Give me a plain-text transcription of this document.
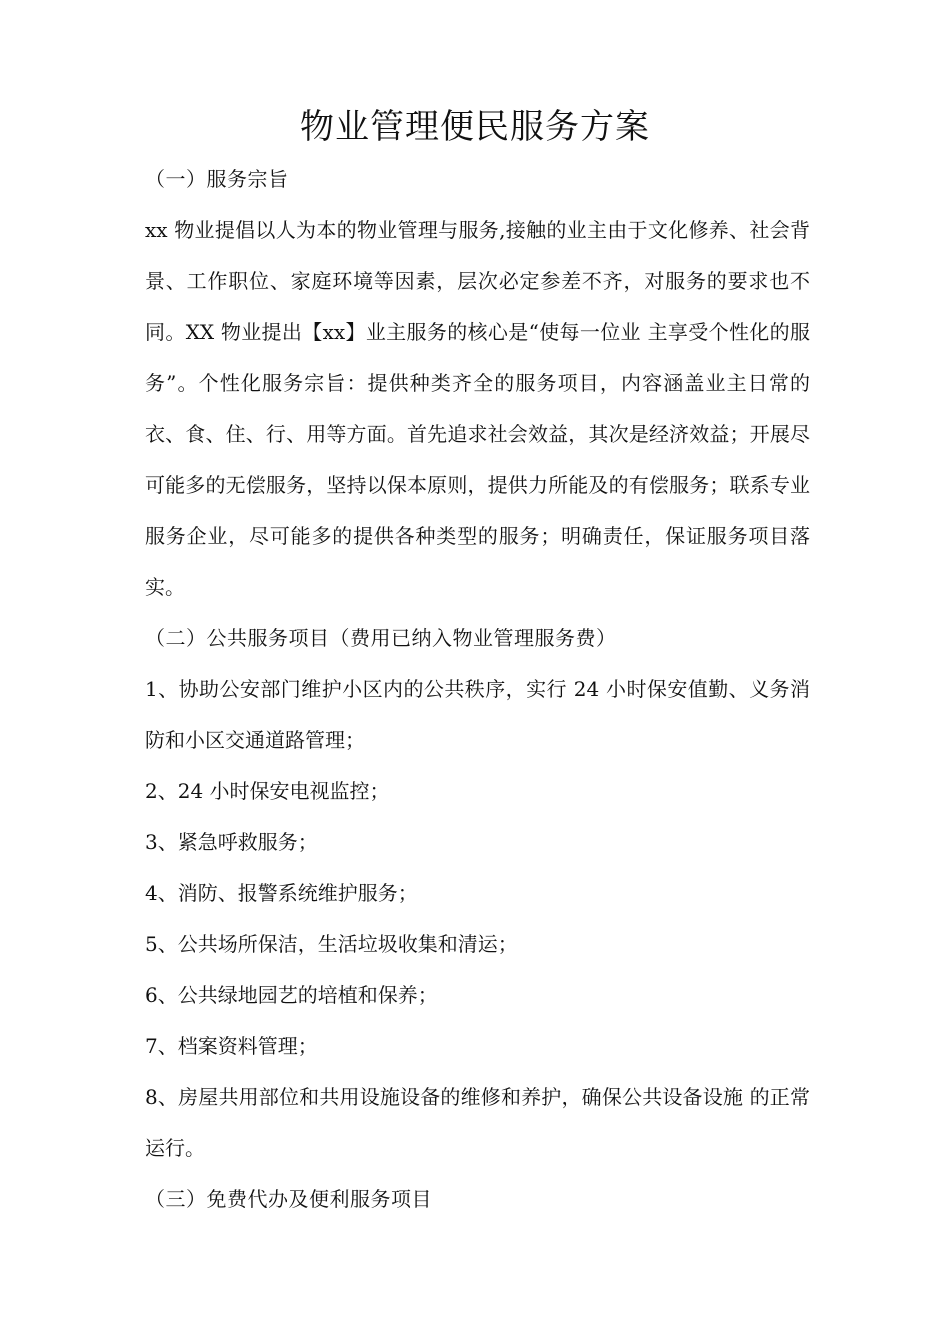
物业管理便民服务方案

（一）服务宗旨

xx 物业提倡以人为本的物业管理与服务,接触的业主由于文化修养、社会背景、工作职位、家庭环境等因素，层次必定参差不齐，对服务的要求也不同。XX 物业提出【xx】业主服务的核心是“使每一位业 主享受个性化的服务”。个性化服务宗旨：提供种类齐全的服务项目，内容涵盖业主日常的衣、食、住、行、用等方面。首先追求社会效益，其次是经济效益；开展尽可能多的无偿服务，坚持以保本原则，提供力所能及的有偿服务；联系专业服务企业，尽可能多的提供各种类型的服务；明确责任，保证服务项目落实。

（二）公共服务项目（费用已纳入物业管理服务费）

1、协助公安部门维护小区内的公共秩序，实行 24 小时保安值勤、义务消防和小区交通道路管理；

2、24 小时保安电视监控；

3、紧急呼救服务；

4、消防、报警系统维护服务；

5、公共场所保洁，生活垃圾收集和清运；

6、公共绿地园艺的培植和保养；

7、档案资料管理；

8、房屋共用部位和共用设施设备的维修和养护，确保公共设备设施 的正常运行。

（三）免费代办及便利服务项目
